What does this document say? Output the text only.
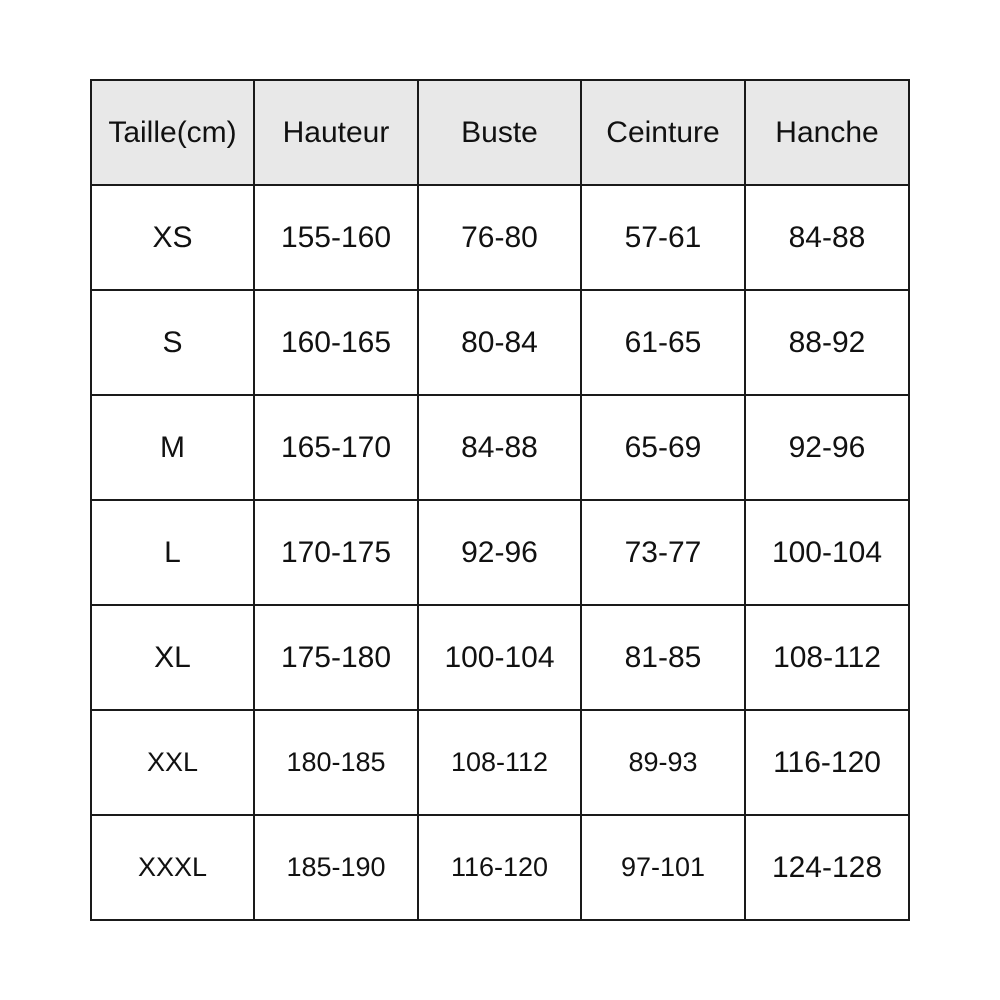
Taille(cm)	Hauteur	Buste	Ceinture	Hanche
XS	155-160	76-80	57-61	84-88
S	160-165	80-84	61-65	88-92
M	165-170	84-88	65-69	92-96
L	170-175	92-96	73-77	100-104
XL	175-180	100-104	81-85	108-112
XXL	180-185	108-112	89-93	116-120
XXXL	185-190	116-120	97-101	124-128
